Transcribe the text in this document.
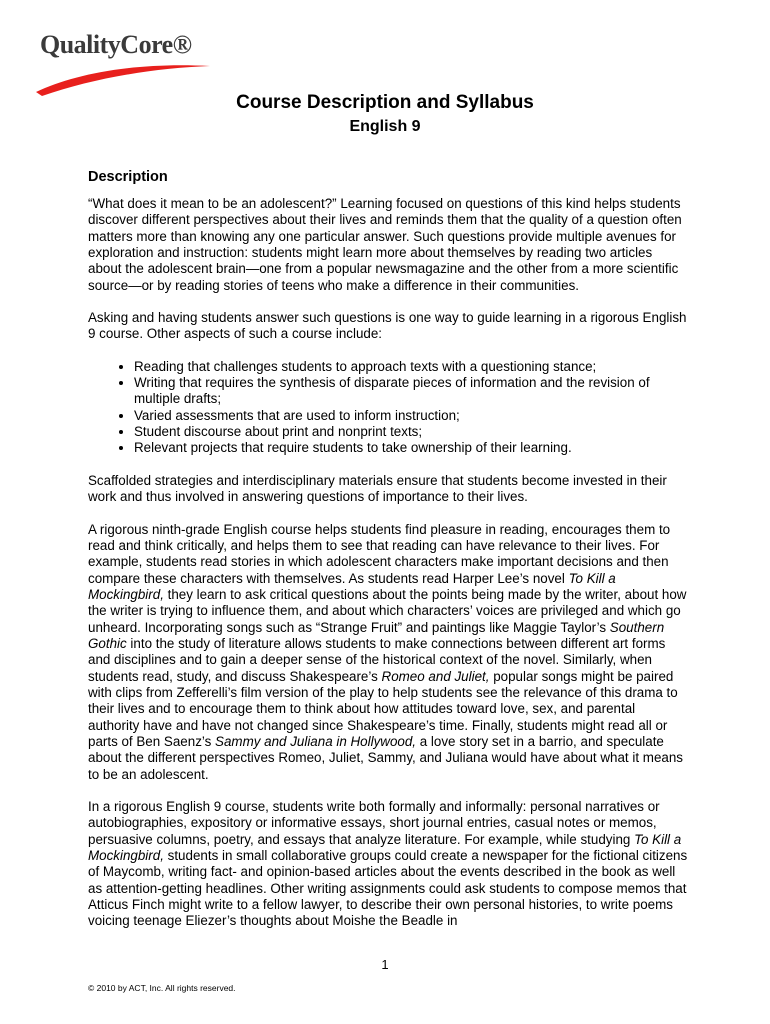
QualityCore®
Course Description and Syllabus
English 9
Description

“What does it mean to be an adolescent?” Learning focused on questions of this kind helps students discover different perspectives about their lives and reminds them that the quality of a question often matters more than knowing any one particular answer. Such questions provide multiple avenues for exploration and instruction: students might learn more about themselves by reading two articles about the adolescent brain—one from a popular newsmagazine and the other from a more scientific source—or by reading stories of teens who make a difference in their communities.

Asking and having students answer such questions is one way to guide learning in a rigorous English 9 course. Other aspects of such a course include:

• Reading that challenges students to approach texts with a questioning stance;
• Writing that requires the synthesis of disparate pieces of information and the revision of multiple drafts;
• Varied assessments that are used to inform instruction;
• Student discourse about print and nonprint texts;
• Relevant projects that require students to take ownership of their learning.

Scaffolded strategies and interdisciplinary materials ensure that students become invested in their work and thus involved in answering questions of importance to their lives.

A rigorous ninth-grade English course helps students find pleasure in reading, encourages them to read and think critically, and helps them to see that reading can have relevance to their lives. For example, students read stories in which adolescent characters make important decisions and then compare these characters with themselves. As students read Harper Lee’s novel To Kill a Mockingbird, they learn to ask critical questions about the points being made by the writer, about how the writer is trying to influence them, and about which characters’ voices are privileged and which go unheard. Incorporating songs such as “Strange Fruit” and paintings like Maggie Taylor’s Southern Gothic into the study of literature allows students to make connections between different art forms and disciplines and to gain a deeper sense of the historical context of the novel. Similarly, when students read, study, and discuss Shakespeare’s Romeo and Juliet, popular songs might be paired with clips from Zefferelli’s film version of the play to help students see the relevance of this drama to their lives and to encourage them to think about how attitudes toward love, sex, and parental authority have and have not changed since Shakespeare’s time. Finally, students might read all or parts of Ben Saenz’s Sammy and Juliana in Hollywood, a love story set in a barrio, and speculate about the different perspectives Romeo, Juliet, Sammy, and Juliana would have about what it means to be an adolescent.

In a rigorous English 9 course, students write both formally and informally: personal narratives or autobiographies, expository or informative essays, short journal entries, casual notes or memos, persuasive columns, poetry, and essays that analyze literature. For example, while studying To Kill a Mockingbird, students in small collaborative groups could create a newspaper for the fictional citizens of Maycomb, writing fact- and opinion-based articles about the events described in the book as well as attention-getting headlines. Other writing assignments could ask students to compose memos that Atticus Finch might write to a fellow lawyer, to describe their own personal histories, to write poems voicing teenage Eliezer’s thoughts about Moishe the Beadle in

1
© 2010 by ACT, Inc. All rights reserved.
